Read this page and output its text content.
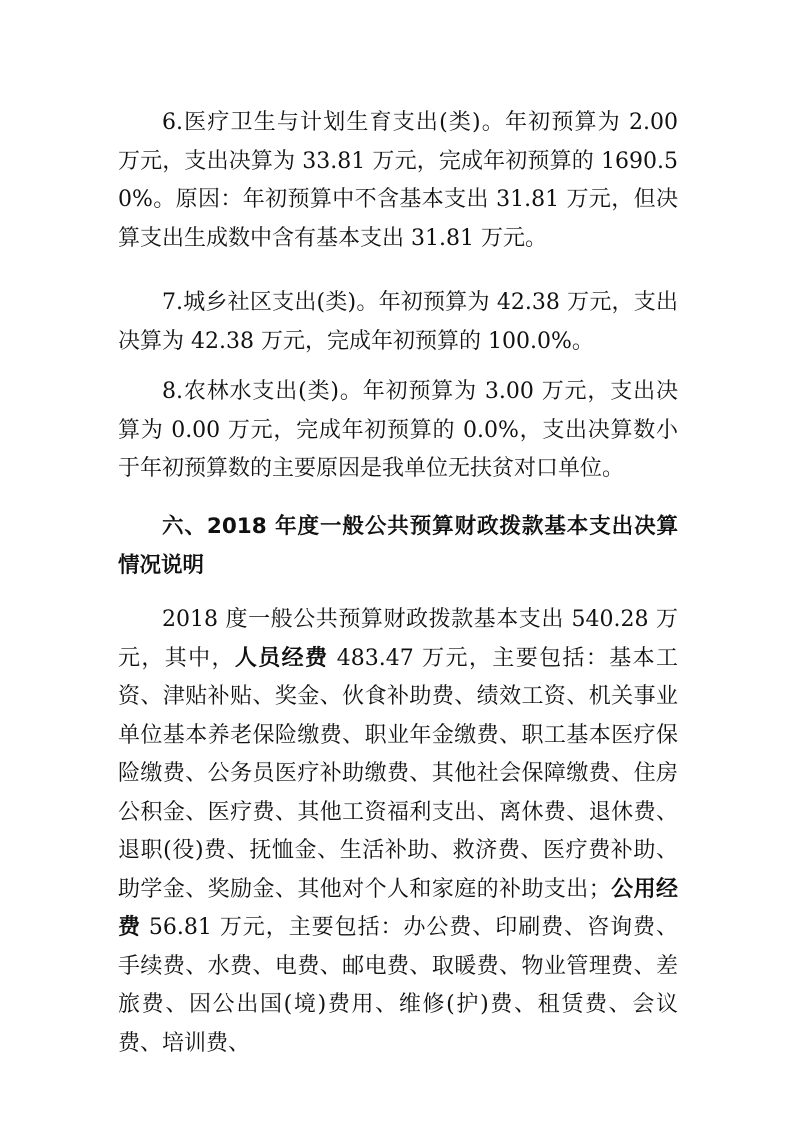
6.医疗卫生与计划生育支出(类)。年初预算为 2.00 万元，支出决算为 33.81 万元，完成年初预算的 1690.50%。原因：年初预算中不含基本支出 31.81 万元，但决算支出生成数中含有基本支出 31.81 万元。

7.城乡社区支出(类)。年初预算为 42.38 万元，支出决算为 42.38 万元，完成年初预算的 100.0%。

8.农林水支出(类)。年初预算为 3.00 万元，支出决算为 0.00 万元，完成年初预算的 0.0%，支出决算数小于年初预算数的主要原因是我单位无扶贫对口单位。

六、2018 年度一般公共预算财政拨款基本支出决算情况说明

2018 度一般公共预算财政拨款基本支出 540.28 万元，其中，人员经费 483.47 万元，主要包括：基本工资、津贴补贴、奖金、伙食补助费、绩效工资、机关事业单位基本养老保险缴费、职业年金缴费、职工基本医疗保险缴费、公务员医疗补助缴费、其他社会保障缴费、住房公积金、医疗费、其他工资福利支出、离休费、退休费、退职(役)费、抚恤金、生活补助、救济费、医疗费补助、助学金、奖励金、其他对个人和家庭的补助支出；公用经费 56.81 万元，主要包括：办公费、印刷费、咨询费、手续费、水费、电费、邮电费、取暖费、物业管理费、差旅费、因公出国(境)费用、维修(护)费、租赁费、会议费、培训费、
